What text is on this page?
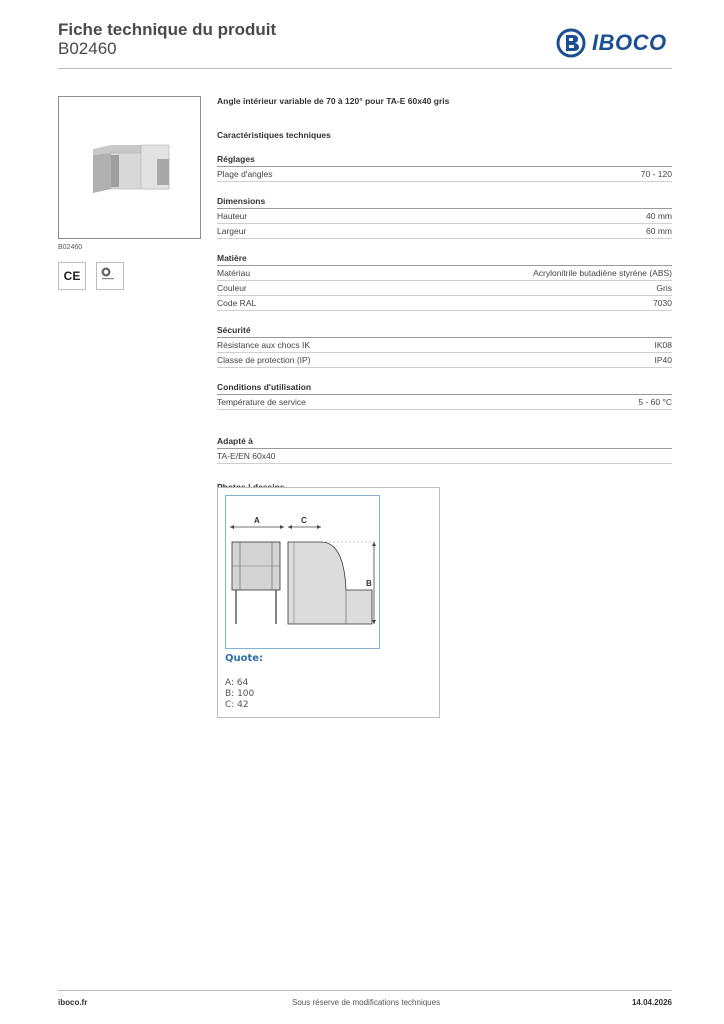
Fiche technique du produit
B02460	IBOCO
B02460
CE
Angle intérieur variable de 70 à 120° pour TA-E 60x40 gris
Caractéristiques techniques
Réglages
Plage d'angles	70 - 120
Dimensions
Hauteur	40 mm
Largeur	60 mm
Matière
Matériau	Acrylonitrile butadiène styrène (ABS)
Couleur	Gris
Code RAL	7030
Sécurité
Résistance aux chocs IK	IK08
Classe de protection (IP)	IP40
Conditions d'utilisation
Température de service	5 - 60 °C
Adapté à
TA-E/EN 60x40
A	C
B
Quote:
A: 64
B: 100
C: 42
iboco.fr	Sous réserve de modifications techniques	14.04.2026
